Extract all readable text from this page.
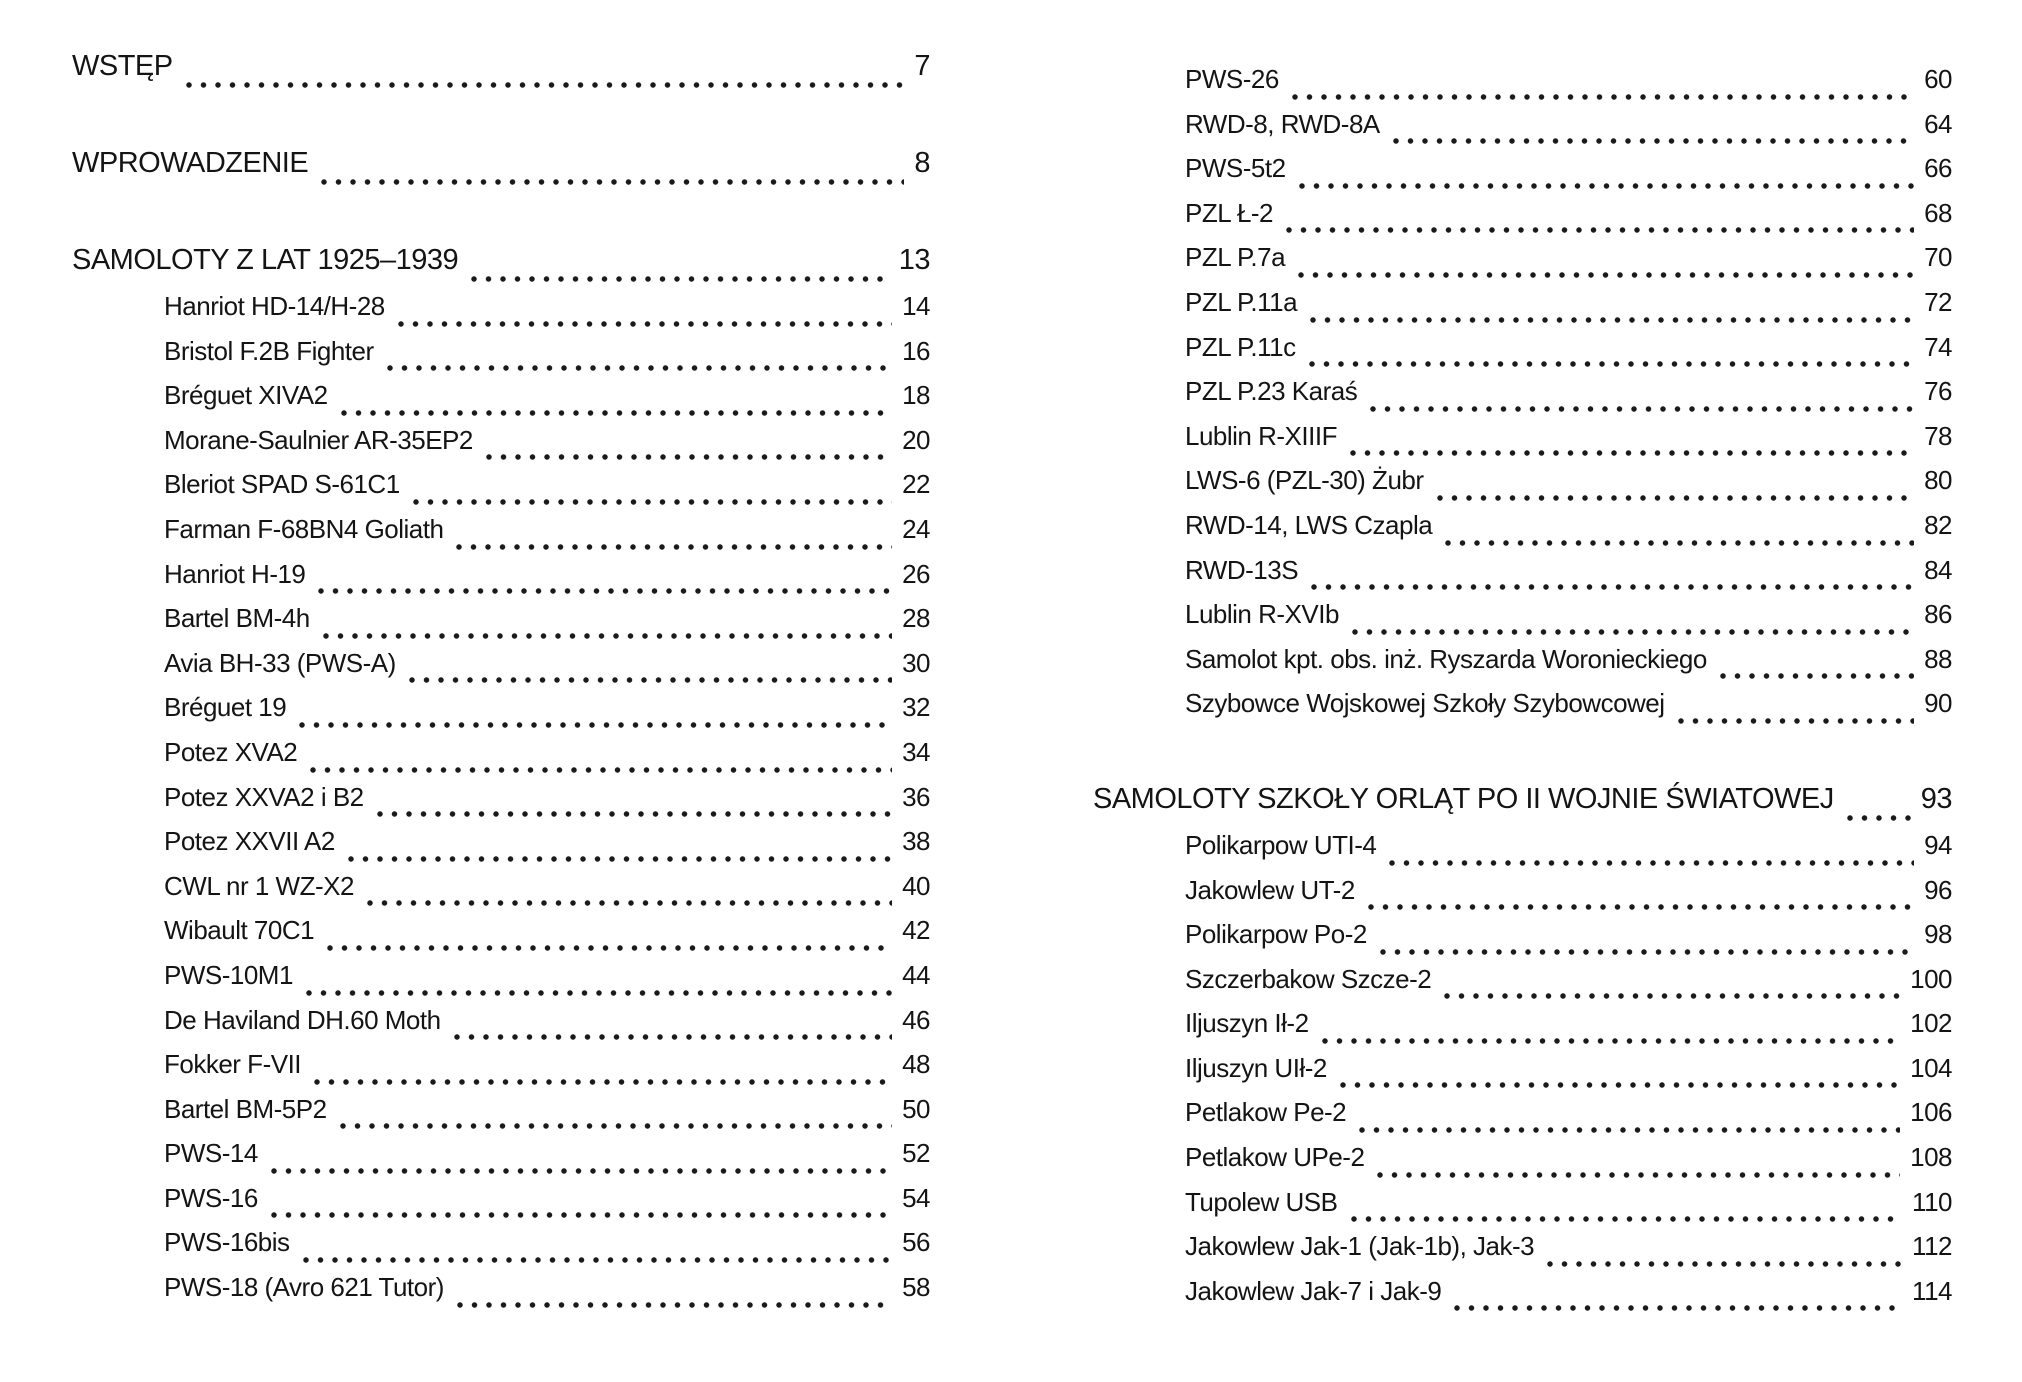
WSTĘP	7
WPROWADZENIE	8
SAMOLOTY Z LAT 1925–1939	13
Hanriot HD-14/H-28	14
Bristol F.2B Fighter	16
Bréguet XIVA2	18
Morane-Saulnier AR-35EP2	20
Bleriot SPAD S-61C1	22
Farman F-68BN4 Goliath	24
Hanriot H-19	26
Bartel BM-4h	28
Avia BH-33 (PWS-A)	30
Bréguet 19	32
Potez XVA2	34
Potez XXVA2 i B2	36
Potez XXVII A2	38
CWL nr 1 WZ-X2	40
Wibault 70C1	42
PWS-10M1	44
De Haviland DH.60 Moth	46
Fokker F-VII	48
Bartel BM-5P2	50
PWS-14	52
PWS-16	54
PWS-16bis	56
PWS-18 (Avro 621 Tutor)	58
PWS-26	60
RWD-8, RWD-8A	64
PWS-5t2	66
PZL Ł-2	68
PZL P.7a	70
PZL P.11a	72
PZL P.11c	74
PZL P.23 Karaś	76
Lublin R-XIIIF	78
LWS-6 (PZL-30) Żubr	80
RWD-14, LWS Czapla	82
RWD-13S	84
Lublin R-XVIb	86
Samolot kpt. obs. inż. Ryszarda Woronieckiego	88
Szybowce Wojskowej Szkoły Szybowcowej	90
SAMOLOTY SZKOŁY ORLĄT PO II WOJNIE ŚWIATOWEJ	93
Polikarpow UTI-4	94
Jakowlew UT-2	96
Polikarpow Po-2	98
Szczerbakow Szcze-2	100
Iljuszyn Ił-2	102
Iljuszyn UIł-2	104
Petlakow Pe-2	106
Petlakow UPe-2	108
Tupolew USB	110
Jakowlew Jak-1 (Jak-1b), Jak-3	112
Jakowlew Jak-7 i Jak-9	114
